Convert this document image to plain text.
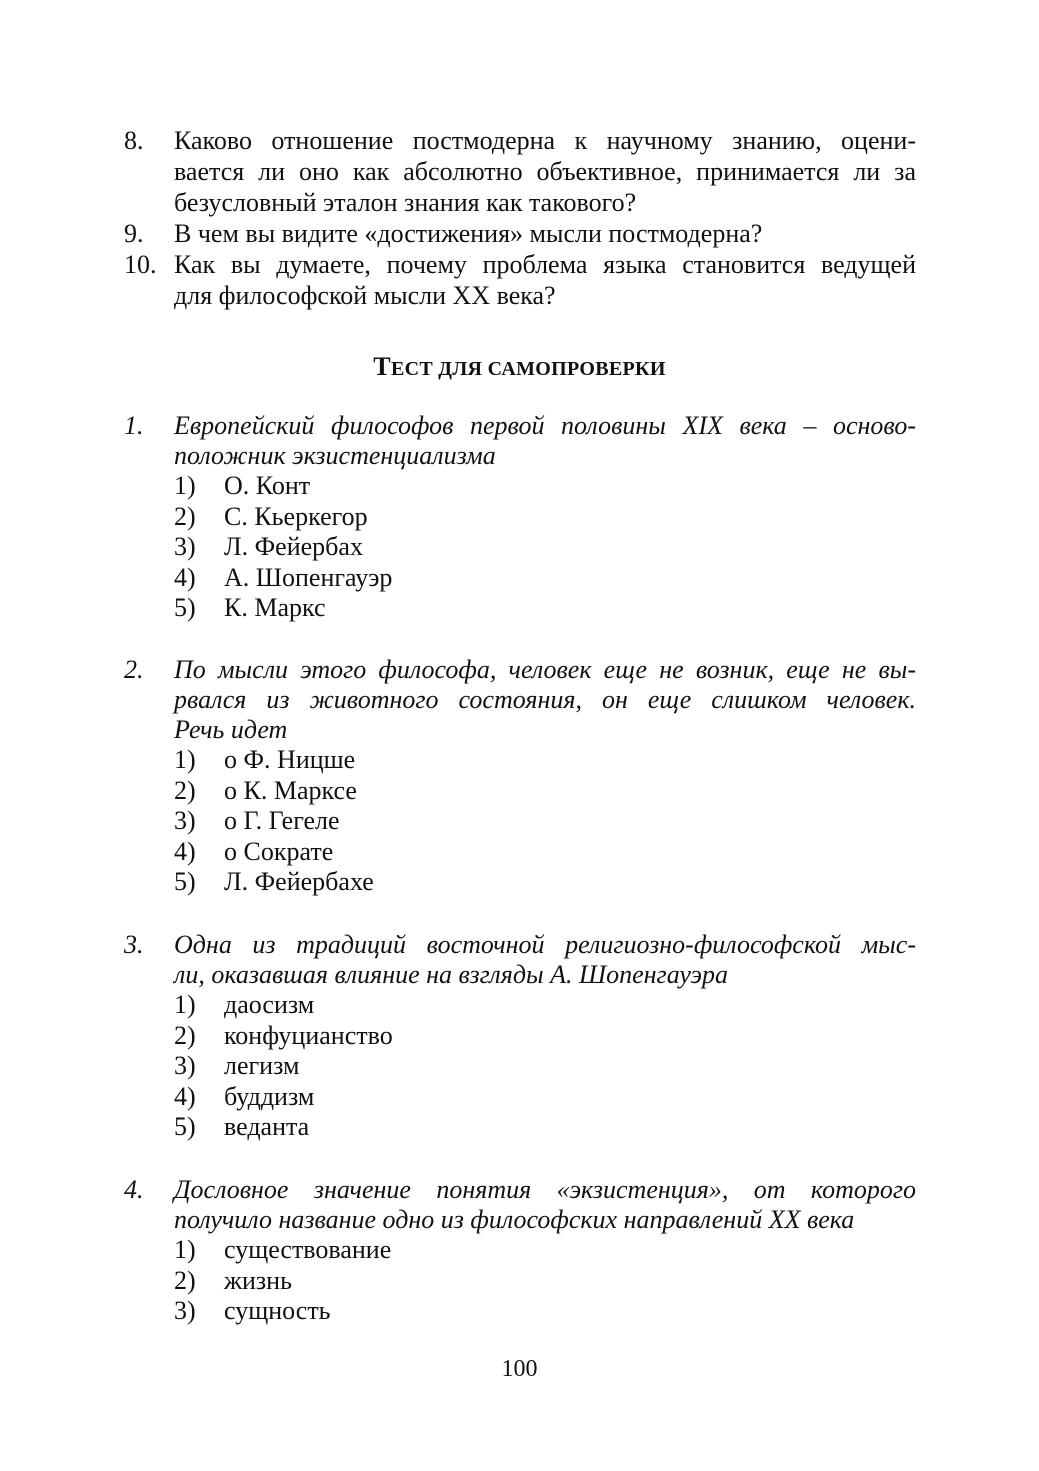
8. Каково отношение постмодерна к научному знанию, оцени-
вается ли оно как абсолютно объективное, принимается ли за
безусловный эталон знания как такового?
9. В чем вы видите «достижения» мысли постмодерна?
10. Как вы думаете, почему проблема языка становится ведущей
для философской мысли XX века?
ТЕСТ ДЛЯ САМОПРОВЕРКИ
1. Европейский философов первой половины XIX века – осново-
положник экзистенциализма
1) О. Конт
2) С. Кьеркегор
3) Л. Фейербах
4) А. Шопенгауэр
5) К. Маркс
2. По мысли этого философа, человек еще не возник, еще не вы-
рвался из животного состояния, он еще слишком человек.
Речь идет
1) о Ф. Ницше
2) о К. Марксе
3) о Г. Гегеле
4) о Сократе
5) Л. Фейербахе
3. Одна из традиций восточной религиозно-философской мыс-
ли, оказавшая влияние на взгляды А. Шопенгауэра
1) даосизм
2) конфуцианство
3) легизм
4) буддизм
5) веданта
4. Дословное значение понятия «экзистенция», от которого
получило название одно из философских направлений XX века
1) существование
2) жизнь
3) сущность
100
